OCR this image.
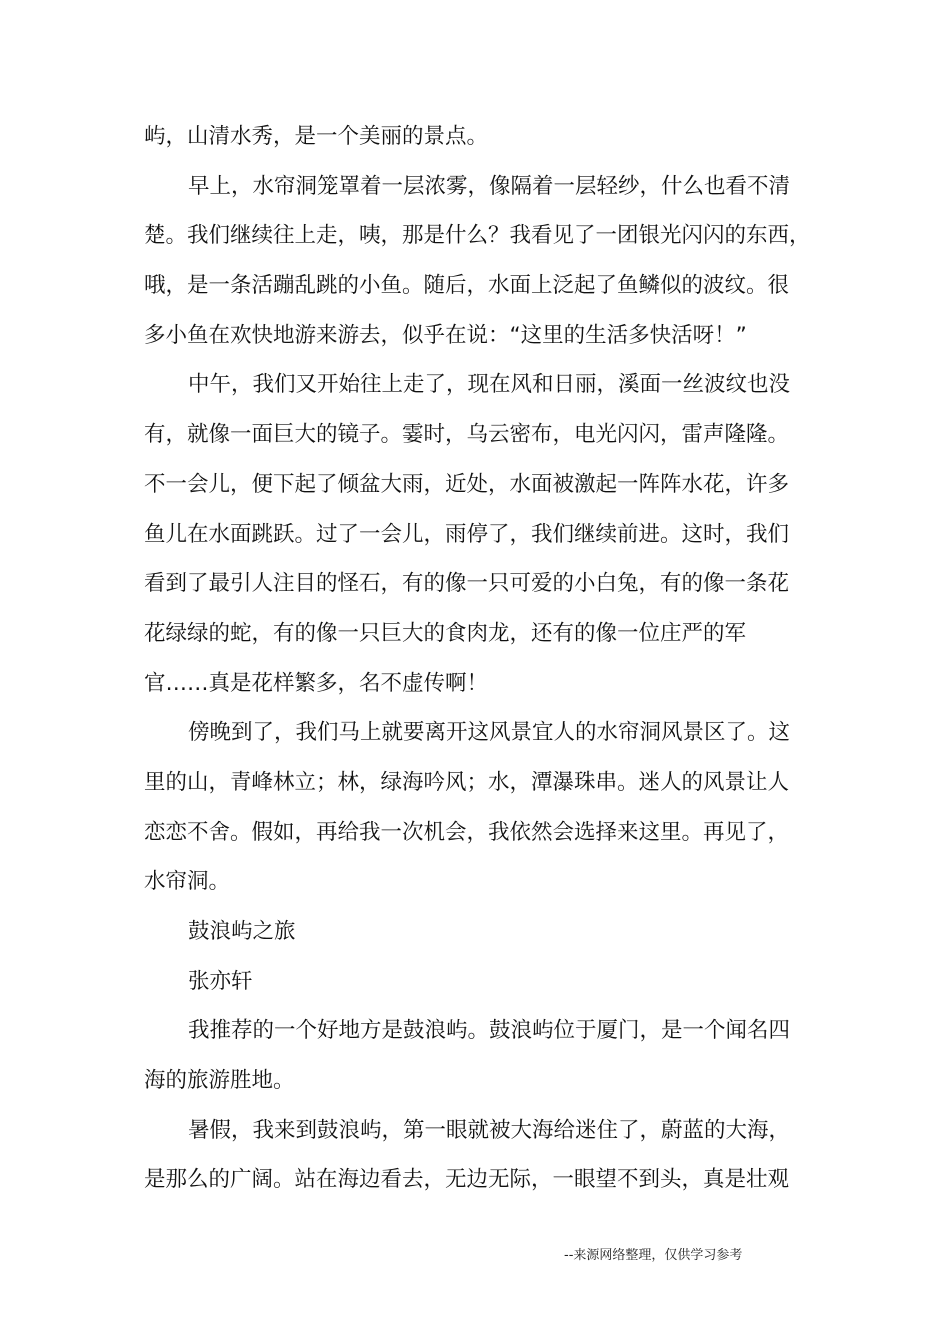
屿，山清水秀，是一个美丽的景点。
早上，水帘洞笼罩着一层浓雾，像隔着一层轻纱，什么也看不清
楚。我们继续往上走，咦，那是什么？我看见了一团银光闪闪的东西，
哦，是一条活蹦乱跳的小鱼。随后，水面上泛起了鱼鳞似的波纹。很
多小鱼在欢快地游来游去，似乎在说：“这里的生活多快活呀！”
中午，我们又开始往上走了，现在风和日丽，溪面一丝波纹也没
有，就像一面巨大的镜子。霎时，乌云密布，电光闪闪，雷声隆隆。
不一会儿，便下起了倾盆大雨，近处，水面被激起一阵阵水花，许多
鱼儿在水面跳跃。过了一会儿，雨停了，我们继续前进。这时，我们
看到了最引人注目的怪石，有的像一只可爱的小白兔，有的像一条花
花绿绿的蛇，有的像一只巨大的食肉龙，还有的像一位庄严的军
官……真是花样繁多，名不虚传啊！
傍晚到了，我们马上就要离开这风景宜人的水帘洞风景区了。这
里的山，青峰林立；林，绿海吟风；水，潭瀑珠串。迷人的风景让人
恋恋不舍。假如，再给我一次机会，我依然会选择来这里。再见了，
水帘洞。
鼓浪屿之旅
张亦轩
我推荐的一个好地方是鼓浪屿。鼓浪屿位于厦门，是一个闻名四
海的旅游胜地。
暑假，我来到鼓浪屿，第一眼就被大海给迷住了，蔚蓝的大海，
是那么的广阔。站在海边看去，无边无际，一眼望不到头，真是壮观
--来源网络整理，仅供学习参考
